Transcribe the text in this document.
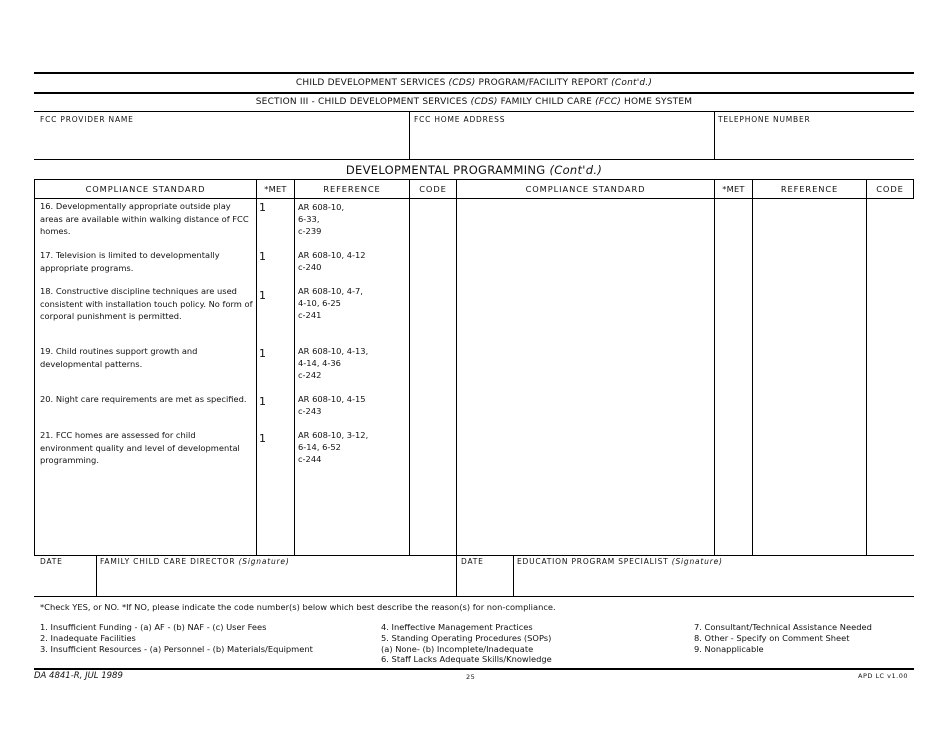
CHILD DEVELOPMENT SERVICES (CDS) PROGRAM/FACILITY REPORT (Cont'd.)
SECTION III - CHILD DEVELOPMENT SERVICES (CDS) FAMILY CHILD CARE (FCC) HOME SYSTEM
FCC PROVIDER NAME	FCC HOME ADDRESS	TELEPHONE NUMBER
DEVELOPMENTAL PROGRAMMING (Cont'd.)
COMPLIANCE STANDARD	*MET	REFERENCE	CODE	COMPLIANCE STANDARD	*MET	REFERENCE	CODE
16. Developmentally appropriate outside play areas are available within walking distance of FCC homes.
1	AR 608-10,
6-33,
c-239
17. Television is limited to developmentally appropriate programs.
1	AR 608-10, 4-12
c-240
18. Constructive discipline techniques are used consistent with installation touch policy. No form of corporal punishment is permitted.
1	AR 608-10, 4-7,
4-10, 6-25
c-241
19. Child routines support growth and developmental patterns.
1	AR 608-10, 4-13,
4-14, 4-36
c-242
20. Night care requirements are met as specified.	1	AR 608-10, 4-15
c-243
21. FCC homes are assessed for child environment quality and level of developmental programming.
1	AR 608-10, 3-12,
6-14, 6-52
c-244
DATE	FAMILY CHILD CARE DIRECTOR (Signature)	DATE	EDUCATION PROGRAM SPECIALIST (Signature)
*Check YES, or NO. *If NO, please indicate the code number(s) below which best describe the reason(s) for non-compliance.
1. Insufficient Funding - (a) AF - (b) NAF - (c) User Fees
2. Inadequate Facilities
3. Insufficient Resources - (a) Personnel - (b) Materials/Equipment
4. Ineffective Management Practices
5. Standing Operating Procedures (SOPs)
(a) None- (b) Incomplete/Inadequate
6. Staff Lacks Adequate Skills/Knowledge
7. Consultant/Technical Assistance Needed
8. Other - Specify on Comment Sheet
9. Nonapplicable
DA 4841-R, JUL 1989	25	APD LC v1.00
